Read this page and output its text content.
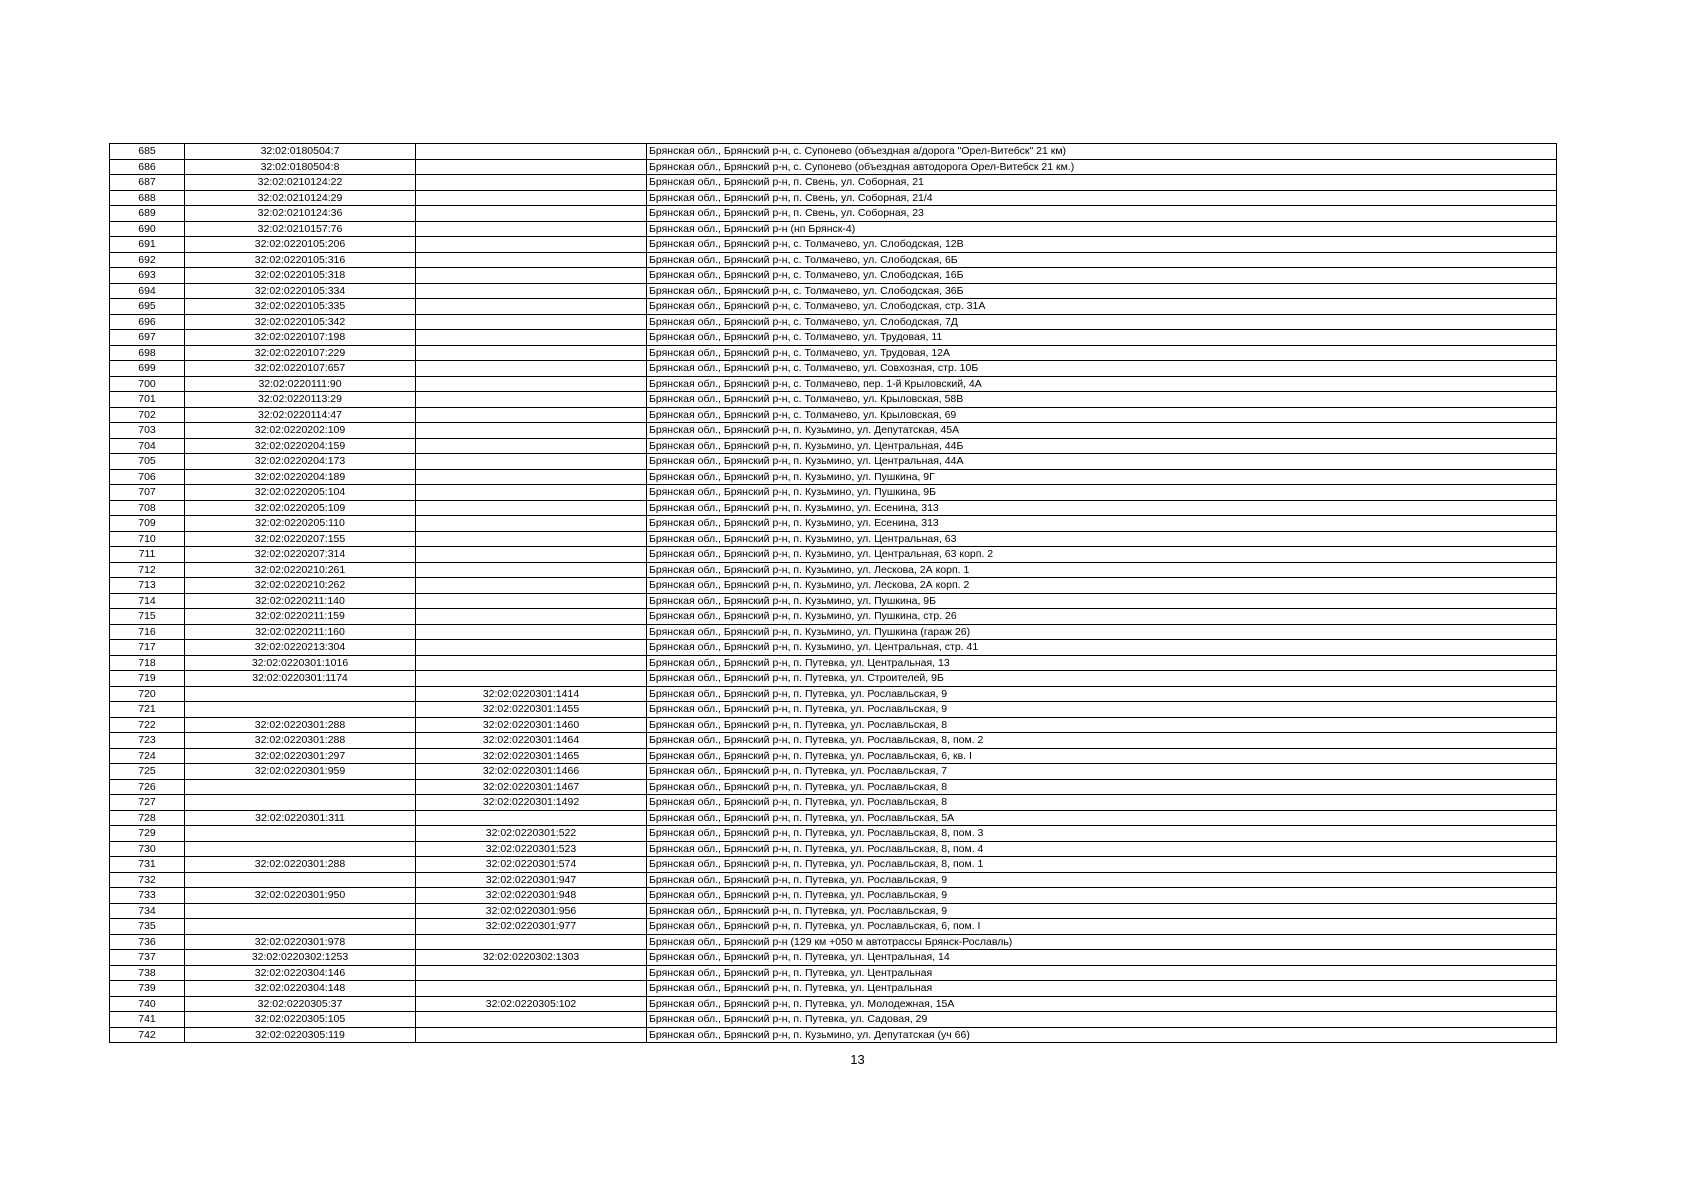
685	32:02:0180504:7		Брянская обл., Брянский р-н, с. Супонево (объездная а/дорога "Орел-Витебск" 21 км)
686	32:02:0180504:8		Брянская обл., Брянский р-н, с. Супонево (объездная автодорога Орел-Витебск 21 км.)
687	32:02:0210124:22		Брянская обл., Брянский р-н, п. Свень, ул. Соборная, 21
688	32:02:0210124:29		Брянская обл., Брянский р-н, п. Свень, ул. Соборная, 21/4
689	32:02:0210124:36		Брянская обл., Брянский р-н, п. Свень, ул. Соборная, 23
690	32:02:0210157:76		Брянская обл., Брянский р-н (нп Брянск-4)
691	32:02:0220105:206		Брянская обл., Брянский р-н, с. Толмачево, ул. Слободская, 12В
692	32:02:0220105:316		Брянская обл., Брянский р-н, с. Толмачево, ул. Слободская, 6Б
693	32:02:0220105:318		Брянская обл., Брянский р-н, с. Толмачево, ул. Слободская, 16Б
694	32:02:0220105:334		Брянская обл., Брянский р-н, с. Толмачево, ул. Слободская, 36Б
695	32:02:0220105:335		Брянская обл., Брянский р-н, с. Толмачево, ул. Слободская, стр. 31А
696	32:02:0220105:342		Брянская обл., Брянский р-н, с. Толмачево, ул. Слободская, 7Д
697	32:02:0220107:198		Брянская обл., Брянский р-н, с. Толмачево, ул. Трудовая, 11
698	32:02:0220107:229		Брянская обл., Брянский р-н, с. Толмачево, ул. Трудовая, 12А
699	32:02:0220107:657		Брянская обл., Брянский р-н, с. Толмачево, ул. Совхозная, стр. 10Б
700	32:02:0220111:90		Брянская обл., Брянский р-н, с. Толмачево, пер. 1-й Крыловский, 4А
701	32:02:0220113:29		Брянская обл., Брянский р-н, с. Толмачево, ул. Крыловская, 58В
702	32:02:0220114:47		Брянская обл., Брянский р-н, с. Толмачево, ул. Крыловская, 69
703	32:02:0220202:109		Брянская обл., Брянский р-н, п. Кузьмино, ул. Депутатская, 45А
704	32:02:0220204:159		Брянская обл., Брянский р-н, п. Кузьмино, ул. Центральная, 44Б
705	32:02:0220204:173		Брянская обл., Брянский р-н, п. Кузьмино, ул. Центральная, 44А
706	32:02:0220204:189		Брянская обл., Брянский р-н, п. Кузьмино, ул. Пушкина, 9Г
707	32:02:0220205:104		Брянская обл., Брянский р-н, п. Кузьмино, ул. Пушкина, 9Б
708	32:02:0220205:109		Брянская обл., Брянский р-н, п. Кузьмино, ул. Есенина, 313
709	32:02:0220205:110		Брянская обл., Брянский р-н, п. Кузьмино, ул. Есенина, 313
710	32:02:0220207:155		Брянская обл., Брянский р-н, п. Кузьмино, ул. Центральная, 63
711	32:02:0220207:314		Брянская обл., Брянский р-н, п. Кузьмино, ул. Центральная, 63 корп. 2
712	32:02:0220210:261		Брянская обл., Брянский р-н, п. Кузьмино, ул. Лескова, 2А корп. 1
713	32:02:0220210:262		Брянская обл., Брянский р-н, п. Кузьмино, ул. Лескова, 2А корп. 2
714	32:02:0220211:140		Брянская обл., Брянский р-н, п. Кузьмино, ул. Пушкина, 9Б
715	32:02:0220211:159		Брянская обл., Брянский р-н, п. Кузьмино, ул. Пушкина, стр. 26
716	32:02:0220211:160		Брянская обл., Брянский р-н, п. Кузьмино, ул. Пушкина (гараж 26)
717	32:02:0220213:304		Брянская обл., Брянский р-н, п. Кузьмино, ул. Центральная, стр. 41
718	32:02:0220301:1016		Брянская обл., Брянский р-н, п. Путевка, ул. Центральная, 13
719	32:02:0220301:1174		Брянская обл., Брянский р-н, п. Путевка, ул. Строителей, 9Б
720		32:02:0220301:1414	Брянская обл., Брянский р-н, п. Путевка, ул. Рославльская, 9
721		32:02:0220301:1455	Брянская обл., Брянский р-н, п. Путевка, ул. Рославльская, 9
722	32:02:0220301:288	32:02:0220301:1460	Брянская обл., Брянский р-н, п. Путевка, ул. Рославльская, 8
723	32:02:0220301:288	32:02:0220301:1464	Брянская обл., Брянский р-н, п. Путевка, ул. Рославльская, 8, пом. 2
724	32:02:0220301:297	32:02:0220301:1465	Брянская обл., Брянский р-н, п. Путевка, ул. Рославльская, 6, кв. I
725	32:02:0220301:959	32:02:0220301:1466	Брянская обл., Брянский р-н, п. Путевка, ул. Рославльская, 7
726		32:02:0220301:1467	Брянская обл., Брянский р-н, п. Путевка, ул. Рославльская, 8
727		32:02:0220301:1492	Брянская обл., Брянский р-н, п. Путевка, ул. Рославльская, 8
728	32:02:0220301:311		Брянская обл., Брянский р-н, п. Путевка, ул. Рославльская, 5А
729		32:02:0220301:522	Брянская обл., Брянский р-н, п. Путевка, ул. Рославльская, 8, пом. 3
730		32:02:0220301:523	Брянская обл., Брянский р-н, п. Путевка, ул. Рославльская, 8, пом. 4
731	32:02:0220301:288	32:02:0220301:574	Брянская обл., Брянский р-н, п. Путевка, ул. Рославльская, 8, пом. 1
732		32:02:0220301:947	Брянская обл., Брянский р-н, п. Путевка, ул. Рославльская, 9
733	32:02:0220301:950	32:02:0220301:948	Брянская обл., Брянский р-н, п. Путевка, ул. Рославльская, 9
734		32:02:0220301:956	Брянская обл., Брянский р-н, п. Путевка, ул. Рославльская, 9
735		32:02:0220301:977	Брянская обл., Брянский р-н, п. Путевка, ул. Рославльская, 6, пом. I
736	32:02:0220301:978		Брянская обл., Брянский р-н (129 км +050 м автотрассы Брянск-Рославль)
737	32:02:0220302:1253	32:02:0220302:1303	Брянская обл., Брянский р-н, п. Путевка, ул. Центральная, 14
738	32:02:0220304:146		Брянская обл., Брянский р-н, п. Путевка, ул. Центральная
739	32:02:0220304:148		Брянская обл., Брянский р-н, п. Путевка, ул. Центральная
740	32:02:0220305:37	32:02:0220305:102	Брянская обл., Брянский р-н, п. Путевка, ул. Молодежная, 15А
741	32:02:0220305:105		Брянская обл., Брянский р-н, п. Путевка, ул. Садовая, 29
742	32:02:0220305:119		Брянская обл., Брянский р-н, п. Кузьмино, ул. Депутатская (уч 66)
13
